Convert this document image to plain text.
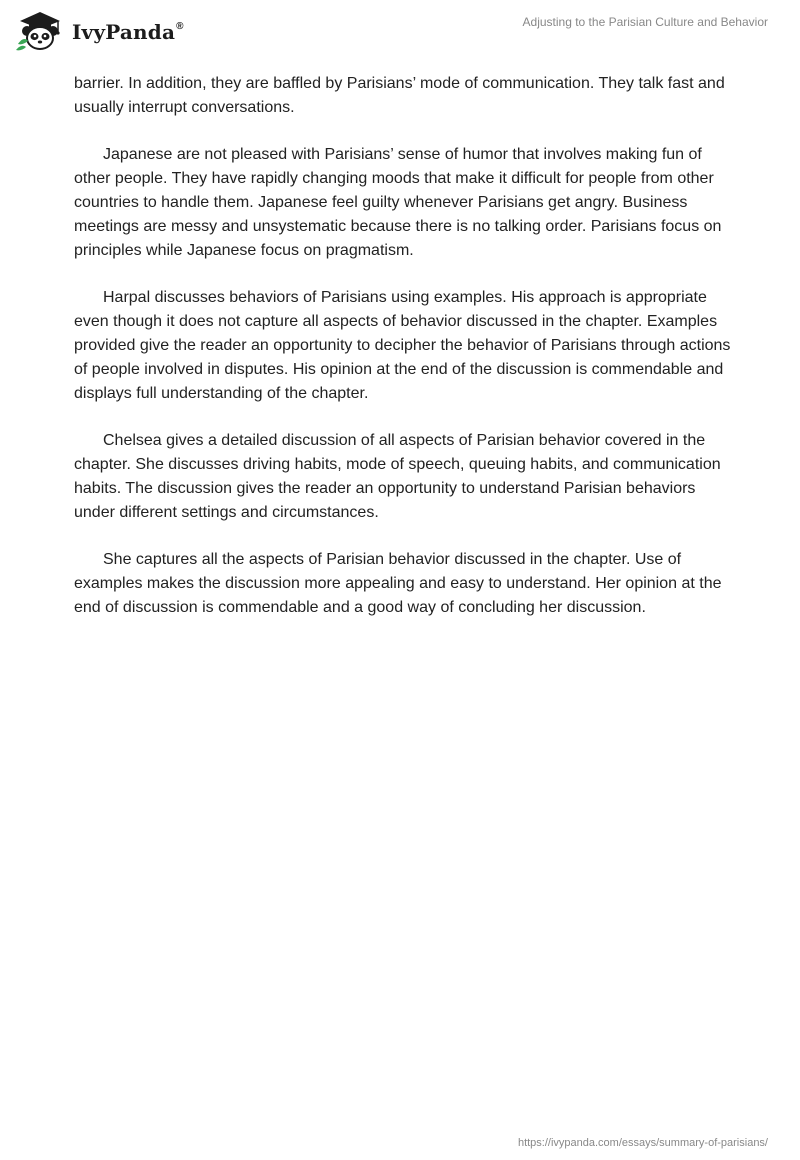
IvyPanda®	Adjusting to the Parisian Culture and Behavior

barrier. In addition, they are baffled by Parisians’ mode of communication. They talk fast and usually interrupt conversations.

Japanese are not pleased with Parisians’ sense of humor that involves making fun of other people. They have rapidly changing moods that make it difficult for people from other countries to handle them. Japanese feel guilty whenever Parisians get angry. Business meetings are messy and unsystematic because there is no talking order. Parisians focus on principles while Japanese focus on pragmatism.

Harpal discusses behaviors of Parisians using examples. His approach is appropriate even though it does not capture all aspects of behavior discussed in the chapter. Examples provided give the reader an opportunity to decipher the behavior of Parisians through actions of people involved in disputes. His opinion at the end of the discussion is commendable and displays full understanding of the chapter.

Chelsea gives a detailed discussion of all aspects of Parisian behavior covered in the chapter. She discusses driving habits, mode of speech, queuing habits, and communication habits. The discussion gives the reader an opportunity to understand Parisian behaviors under different settings and circumstances.

She captures all the aspects of Parisian behavior discussed in the chapter. Use of examples makes the discussion more appealing and easy to understand. Her opinion at the end of discussion is commendable and a good way of concluding her discussion.

https://ivypanda.com/essays/summary-of-parisians/
